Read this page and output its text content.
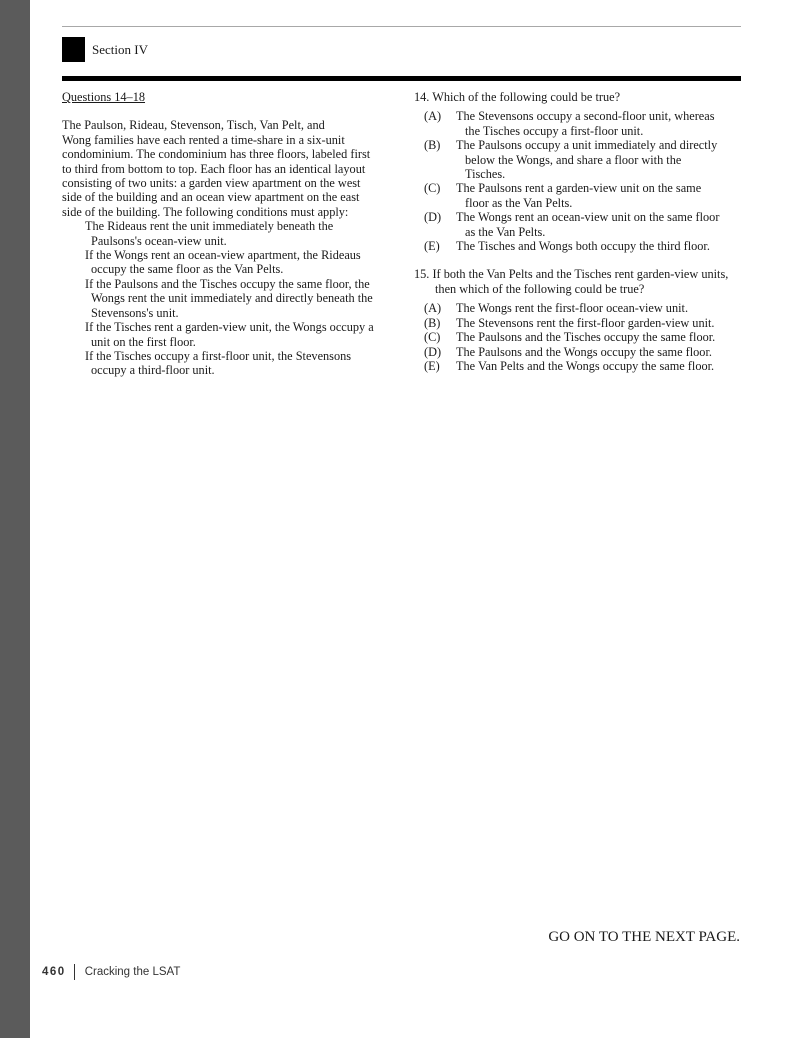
Section IV
Questions 14–18
The Paulson, Rideau, Stevenson, Tisch, Van Pelt, and
Wong families have each rented a time-share in a six-unit
condominium. The condominium has three floors, labeled first
to third from bottom to top. Each floor has an identical layout
consisting of two units: a garden view apartment on the west
side of the building and an ocean view apartment on the east
side of the building. The following conditions must apply:
The Rideaus rent the unit immediately beneath the
Paulsons's ocean-view unit.
If the Wongs rent an ocean-view apartment, the Rideaus
occupy the same floor as the Van Pelts.
If the Paulsons and the Tisches occupy the same floor, the
Wongs rent the unit immediately and directly beneath the
Stevensons's unit.
If the Tisches rent a garden-view unit, the Wongs occupy a
unit on the first floor.
If the Tisches occupy a first-floor unit, the Stevensons
occupy a third-floor unit.
14. Which of the following could be true?
(A)	The Stevensons occupy a second-floor unit, whereas
the Tisches occupy a first-floor unit.
(B)	The Paulsons occupy a unit immediately and directly
below the Wongs, and share a floor with the
Tisches.
(C)	The Paulsons rent a garden-view unit on the same
floor as the Van Pelts.
(D)	The Wongs rent an ocean-view unit on the same floor
as the Van Pelts.
(E)	The Tisches and Wongs both occupy the third floor.
15. If both the Van Pelts and the Tisches rent garden-view units,
then which of the following could be true?
(A)	The Wongs rent the first-floor ocean-view unit.
(B)	The Stevensons rent the first-floor garden-view unit.
(C)	The Paulsons and the Tisches occupy the same floor.
(D)	The Paulsons and the Wongs occupy the same floor.
(E)	The Van Pelts and the Wongs occupy the same floor.
GO ON TO THE NEXT PAGE.
460 Cracking the LSAT
